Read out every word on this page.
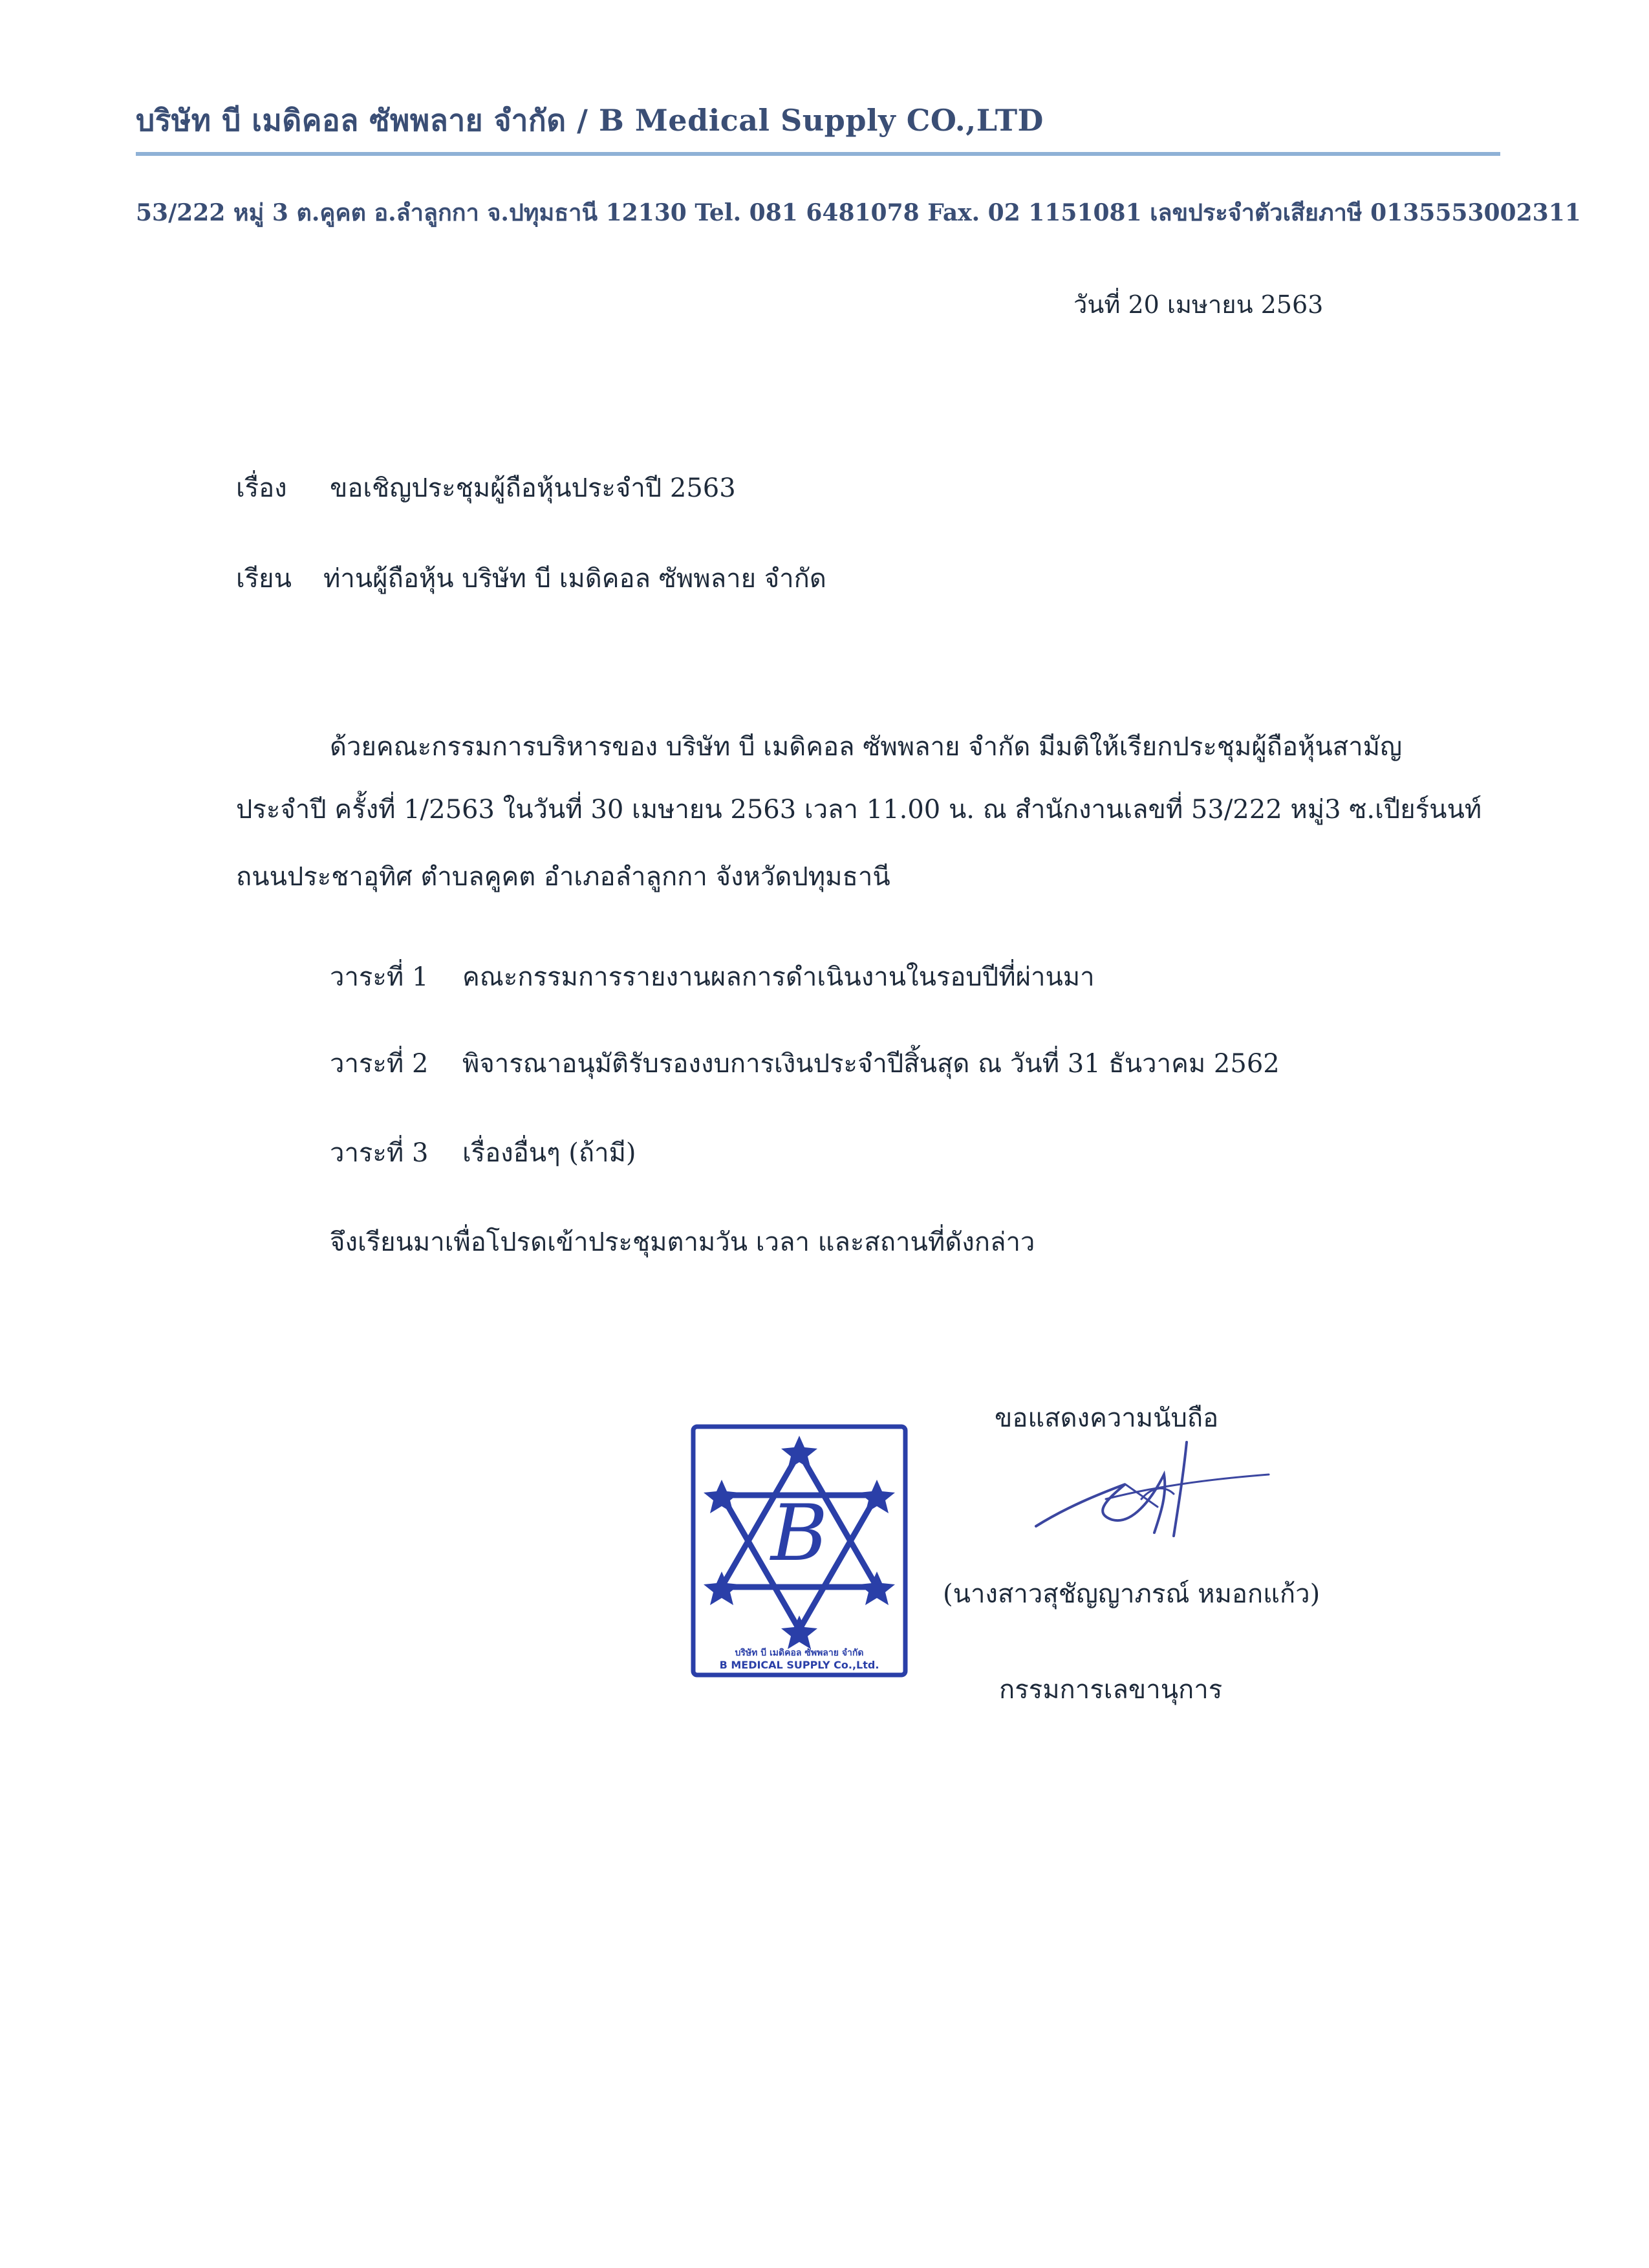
บริษัท บี เมดิคอล ซัพพลาย จำกัด / B Medical Supply CO.,LTD
53/222 หมู่ 3 ต.คูคต อ.ลำลูกกา จ.ปทุมธานี 12130 Tel. 081 6481078 Fax. 02 1151081 เลขประจำตัวเสียภาษี 0135553002311
วันที่ 20 เมษายน 2563
เรื่อง ขอเชิญประชุมผู้ถือหุ้นประจำปี 2563
เรียน ท่านผู้ถือหุ้น บริษัท บี เมดิคอล ซัพพลาย จำกัด
ด้วยคณะกรรมการบริหารของ บริษัท บี เมดิคอล ซัพพลาย จำกัด มีมติให้เรียกประชุมผู้ถือหุ้นสามัญ
ประจำปี ครั้งที่ 1/2563 ในวันที่ 30 เมษายน 2563 เวลา 11.00 น. ณ สำนักงานเลขที่ 53/222 หมู่3 ซ.เปียร์นนท์
ถนนประชาอุทิศ ตำบลคูคต อำเภอลำลูกกา จังหวัดปทุมธานี
วาระที่ 1 คณะกรรมการรายงานผลการดำเนินงานในรอบปีที่ผ่านมา
วาระที่ 2 พิจารณาอนุมัติรับรองงบการเงินประจำปีสิ้นสุด ณ วันที่ 31 ธันวาคม 2562
วาระที่ 3 เรื่องอื่นๆ (ถ้ามี)
จึงเรียนมาเพื่อโปรดเข้าประชุมตามวัน เวลา และสถานที่ดังกล่าว
ขอแสดงความนับถือ
B
บริษัท บี เมดิคอล ซัพพลาย จำกัด
B MEDICAL SUPPLY Co.,Ltd.
(นางสาวสุชัญญาภรณ์ หมอกแก้ว)
กรรมการเลขานุการ
